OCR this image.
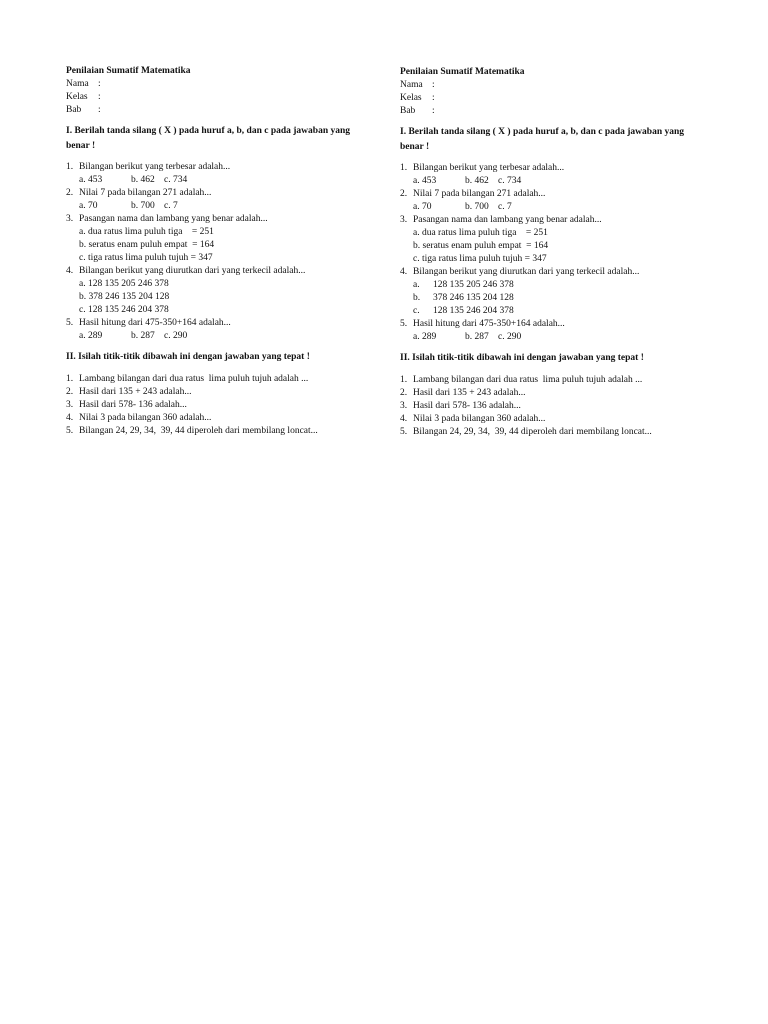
Penilaian Sumatif Matematika
Nama :
Kelas	:
Bab	:
I. Berilah tanda silang ( X ) pada huruf a, b, dan c pada jawaban yang benar !
1. Bilangan berikut yang terbesar adalah...
a. 453	b. 462 c. 734
2. Nilai 7 pada bilangan 271 adalah...
a. 70	b. 700 c. 7
3. Pasangan nama dan lambang yang benar adalah...
a. dua ratus lima puluh tiga    = 251
b. seratus enam puluh empat  = 164
c. tiga ratus lima puluh tujuh = 347
4. Bilangan berikut yang diurutkan dari yang terkecil adalah...
a. 128 135 205 246 378
b. 378 246 135 204 128
c. 128 135 246 204 378
5. Hasil hitung dari 475-350+164 adalah...
a. 289	b. 287 c. 290
II. Isilah titik-titik dibawah ini dengan jawaban yang tepat !
1. Lambang bilangan dari dua ratus  lima puluh tujuh adalah ...
2. Hasil dari 135 + 243 adalah...
3. Hasil dari 578- 136 adalah...
4. Nilai 3 pada bilangan 360 adalah...
5. Bilangan 24, 29, 34,  39, 44 diperoleh dari membilang loncat...
Penilaian Sumatif Matematika
Nama :
Kelas	:
Bab	:
I. Berilah tanda silang ( X ) pada huruf a, b, dan c pada jawaban yang benar !
1. Bilangan berikut yang terbesar adalah...
a. 453	b. 462 c. 734
2. Nilai 7 pada bilangan 271 adalah...
a. 70	b. 700 c. 7
3. Pasangan nama dan lambang yang benar adalah...
a. dua ratus lima puluh tiga    = 251
b. seratus enam puluh empat  = 164
c. tiga ratus lima puluh tujuh = 347
4. Bilangan berikut yang diurutkan dari yang terkecil adalah...
a.	128 135 205 246 378
b.	378 246 135 204 128
c.	128 135 246 204 378
5. Hasil hitung dari 475-350+164 adalah...
a. 289	b. 287 c. 290
II. Isilah titik-titik dibawah ini dengan jawaban yang tepat !
1. Lambang bilangan dari dua ratus  lima puluh tujuh adalah ...
2. Hasil dari 135 + 243 adalah...
3. Hasil dari 578- 136 adalah...
4. Nilai 3 pada bilangan 360 adalah...
5. Bilangan 24, 29, 34,  39, 44 diperoleh dari membilang loncat...
